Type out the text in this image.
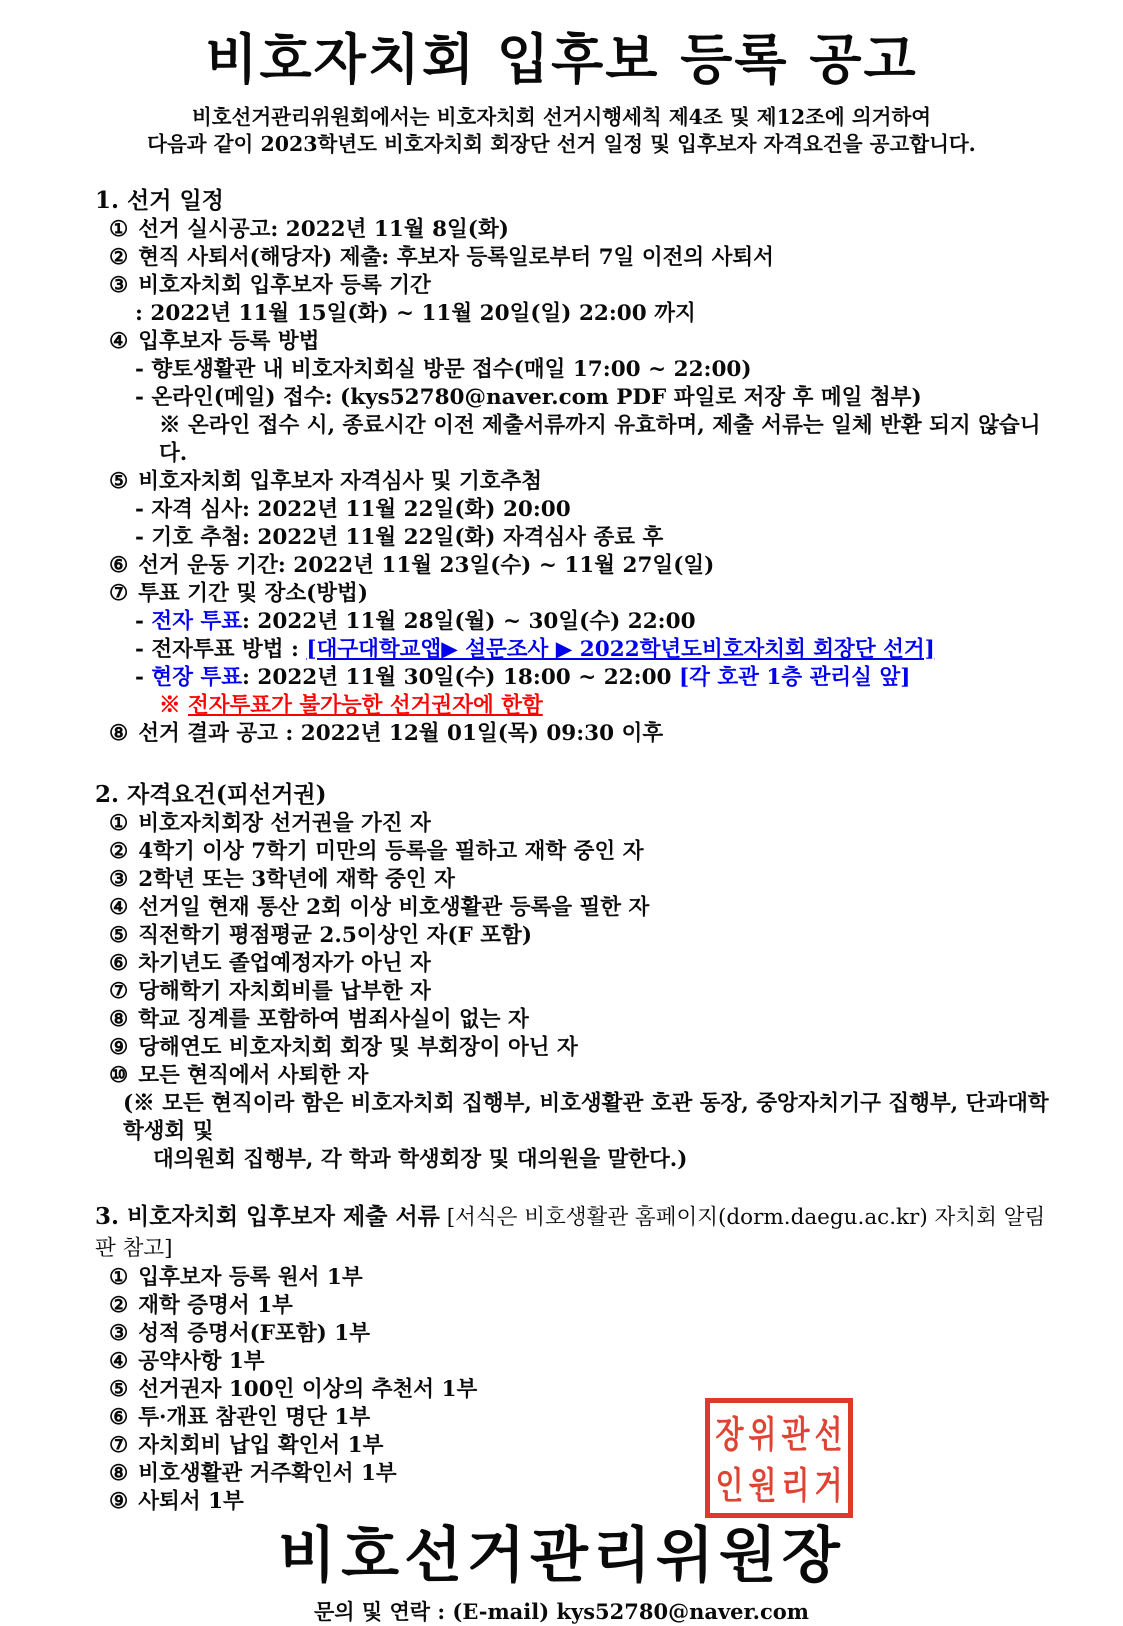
비호자치회 입후보 등록 공고
비호선거관리위원회에서는 비호자치회 선거시행세칙 제4조 및 제12조에 의거하여
다음과 같이 2023학년도 비호자치회 회장단 선거 일정 및 입후보자 자격요건을 공고합니다.
1. 선거 일정
① 선거 실시공고: 2022년 11월 8일(화)
② 현직 사퇴서(해당자) 제출: 후보자 등록일로부터 7일 이전의 사퇴서
③ 비호자치회 입후보자 등록 기간
: 2022년 11월 15일(화) ~ 11월 20일(일) 22:00 까지
④ 입후보자 등록 방법
- 향토생활관 내 비호자치회실 방문 접수(매일 17:00 ~ 22:00)
- 온라인(메일) 접수: (kys52780@naver.com PDF 파일로 저장 후 메일 첨부)
※ 온라인 접수 시, 종료시간 이전 제출서류까지 유효하며, 제출 서류는 일체 반환 되지 않습니다.
⑤ 비호자치회 입후보자 자격심사 및 기호추첨
- 자격 심사: 2022년 11월 22일(화) 20:00
- 기호 추첨: 2022년 11월 22일(화) 자격심사 종료 후
⑥ 선거 운동 기간: 2022년 11월 23일(수) ~ 11월 27일(일)
⑦ 투표 기간 및 장소(방법)
- 전자 투표: 2022년 11월 28일(월) ~ 30일(수) 22:00
- 전자투표 방법 : [대구대학교앱▶ 설문조사 ▶ 2022학년도비호자치회 회장단 선거]
- 현장 투표: 2022년 11월 30일(수) 18:00 ~ 22:00 [각 호관 1층 관리실 앞]
※ 전자투표가 불가능한 선거권자에 한함
⑧ 선거 결과 공고 : 2022년 12월 01일(목) 09:30 이후
2. 자격요건(피선거권)
① 비호자치회장 선거권을 가진 자
② 4학기 이상 7학기 미만의 등록을 필하고 재학 중인 자
③ 2학년 또는 3학년에 재학 중인 자
④ 선거일 현재 통산 2회 이상 비호생활관 등록을 필한 자
⑤ 직전학기 평점평균 2.5이상인 자(F 포함)
⑥ 차기년도 졸업예정자가 아닌 자
⑦ 당해학기 자치회비를 납부한 자
⑧ 학교 징계를 포함하여 범죄사실이 없는 자
⑨ 당해연도 비호자치회 회장 및 부회장이 아닌 자
⑩ 모든 현직에서 사퇴한 자
(※ 모든 현직이라 함은 비호자치회 집행부, 비호생활관 호관 동장, 중앙자치기구 집행부, 단과대학 학생회 및
대의원회 집행부, 각 학과 학생회장 및 대의원을 말한다.)
3. 비호자치회 입후보자 제출 서류 [서식은 비호생활관 홈페이지(dorm.daegu.ac.kr) 자치회 알림판 참고]
① 입후보자 등록 원서 1부
② 재학 증명서 1부
③ 성적 증명서(F포함) 1부
④ 공약사항 1부
⑤ 선거권자 100인 이상의 추천서 1부
⑥ 투·개표 참관인 명단 1부
⑦ 자치회비 납입 확인서 1부
⑧ 비호생활관 거주확인서 1부
⑨ 사퇴서 1부
비호선거관리위원장
문의 및 연락 : (E-mail) kys52780@naver.com
장 위 관 선
인 원 리 거
